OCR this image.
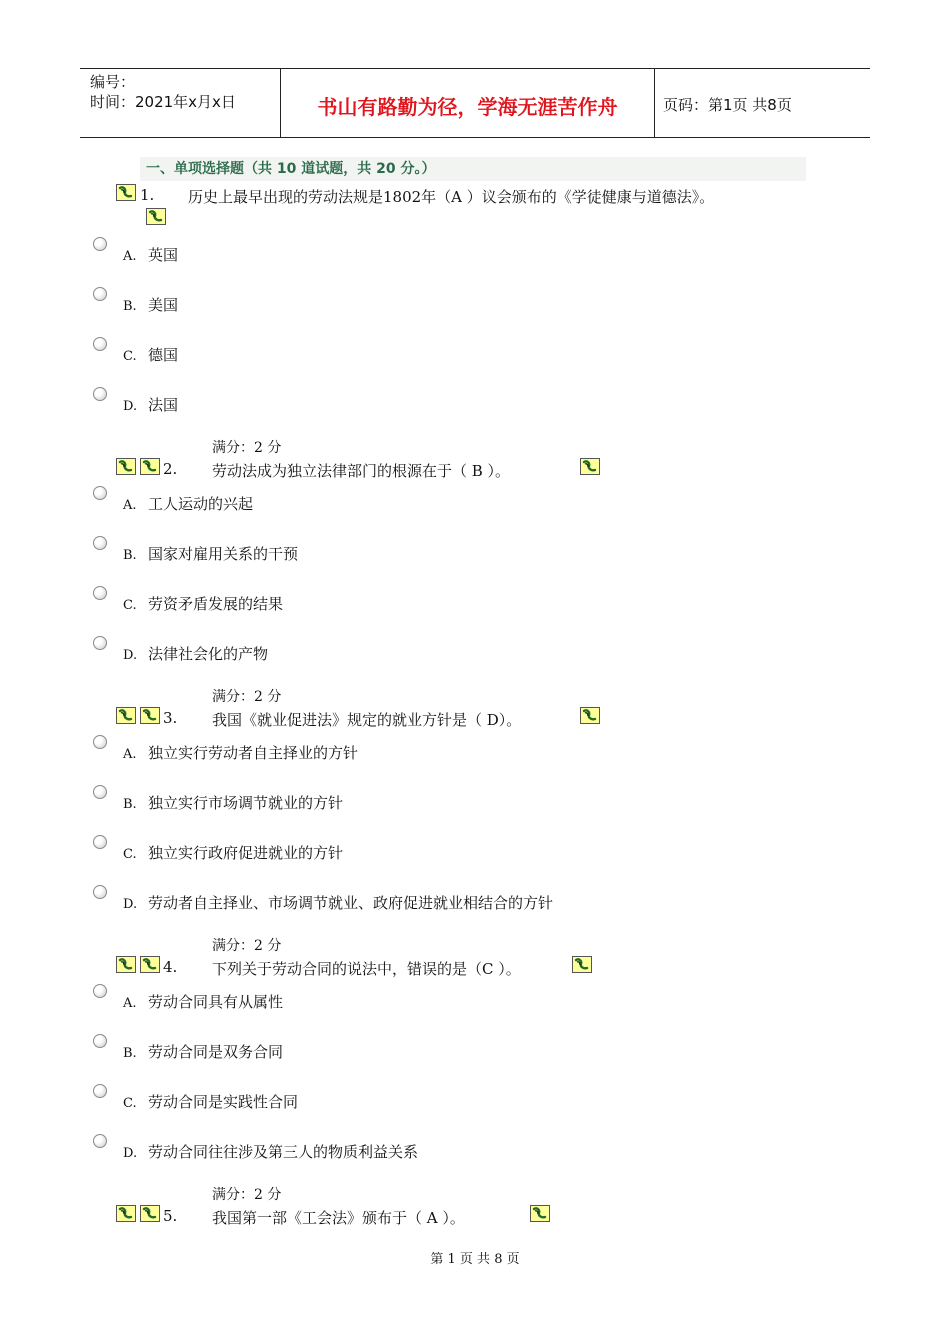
编号：
时间：2021年x月x日	书山有路勤为径，学海无涯苦作舟	页码：第1页 共8页
一、单项选择题（共 10 道试题，共 20 分。）
1. 历史上最早出现的劳动法规是1802年（A ）议会颁布的《学徒健康与道德法》。
A. 英国
B. 美国
C. 德国
D. 法国
满分：2 分
2. 劳动法成为独立法律部门的根源在于（ B ）。
A. 工人运动的兴起
B. 国家对雇用关系的干预
C. 劳资矛盾发展的结果
D. 法律社会化的产物
满分：2 分
3. 我国《就业促进法》规定的就业方针是（ D）。
A. 独立实行劳动者自主择业的方针
B. 独立实行市场调节就业的方针
C. 独立实行政府促进就业的方针
D. 劳动者自主择业、市场调节就业、政府促进就业相结合的方针
满分：2 分
4. 下列关于劳动合同的说法中，错误的是（C ）。
A. 劳动合同具有从属性
B. 劳动合同是双务合同
C. 劳动合同是实践性合同
D. 劳动合同往往涉及第三人的物质利益关系
满分：2 分
5. 我国第一部《工会法》颁布于（ A ）。
第 1 页 共 8 页
